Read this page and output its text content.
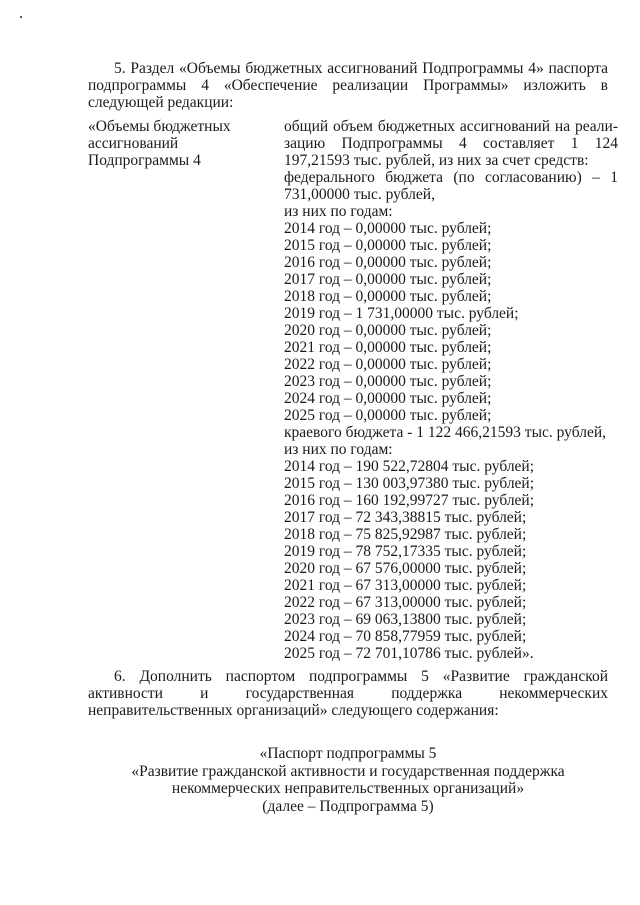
5. Раздел «Объемы бюджетных ассигнований Подпрограммы 4» паспорта подпрограммы 4 «Обеспечение реализации Программы» изложить в следующей редакции:
«Объемы бюджетных
ассигнований
Подпрограммы 4
общий объем бюджетных ассигнований на реали-
зацию Подпрограммы 4 составляет 1 124
197,21593 тыс. рублей, из них за счет средств:
федерального бюджета (по согласованию) – 1
731,00000 тыс. рублей,
из них по годам:
2014 год – 0,00000 тыс. рублей;
2015 год – 0,00000 тыс. рублей;
2016 год – 0,00000 тыс. рублей;
2017 год – 0,00000 тыс. рублей;
2018 год – 0,00000 тыс. рублей;
2019 год – 1 731,00000 тыс. рублей;
2020 год – 0,00000 тыс. рублей;
2021 год – 0,00000 тыс. рублей;
2022 год – 0,00000 тыс. рублей;
2023 год – 0,00000 тыс. рублей;
2024 год – 0,00000 тыс. рублей;
2025 год – 0,00000 тыс. рублей;
краевого бюджета - 1 122 466,21593 тыс. рублей,
из них по годам:
2014 год – 190 522,72804 тыс. рублей;
2015 год – 130 003,97380 тыс. рублей;
2016 год – 160 192,99727 тыс. рублей;
2017 год – 72 343,38815 тыс. рублей;
2018 год – 75 825,92987 тыс. рублей;
2019 год – 78 752,17335 тыс. рублей;
2020 год – 67 576,00000 тыс. рублей;
2021 год – 67 313,00000 тыс. рублей;
2022 год – 67 313,00000 тыс. рублей;
2023 год – 69 063,13800 тыс. рублей;
2024 год – 70 858,77959 тыс. рублей;
2025 год – 72 701,10786 тыс. рублей».
6. Дополнить паспортом подпрограммы 5 «Развитие гражданской активности и государственная поддержка некоммерческих неправительственных организаций» следующего содержания:
«Паспорт подпрограммы 5
«Развитие гражданской активности и государственная поддержка
некоммерческих неправительственных организаций»
(далее – Подпрограмма 5)
